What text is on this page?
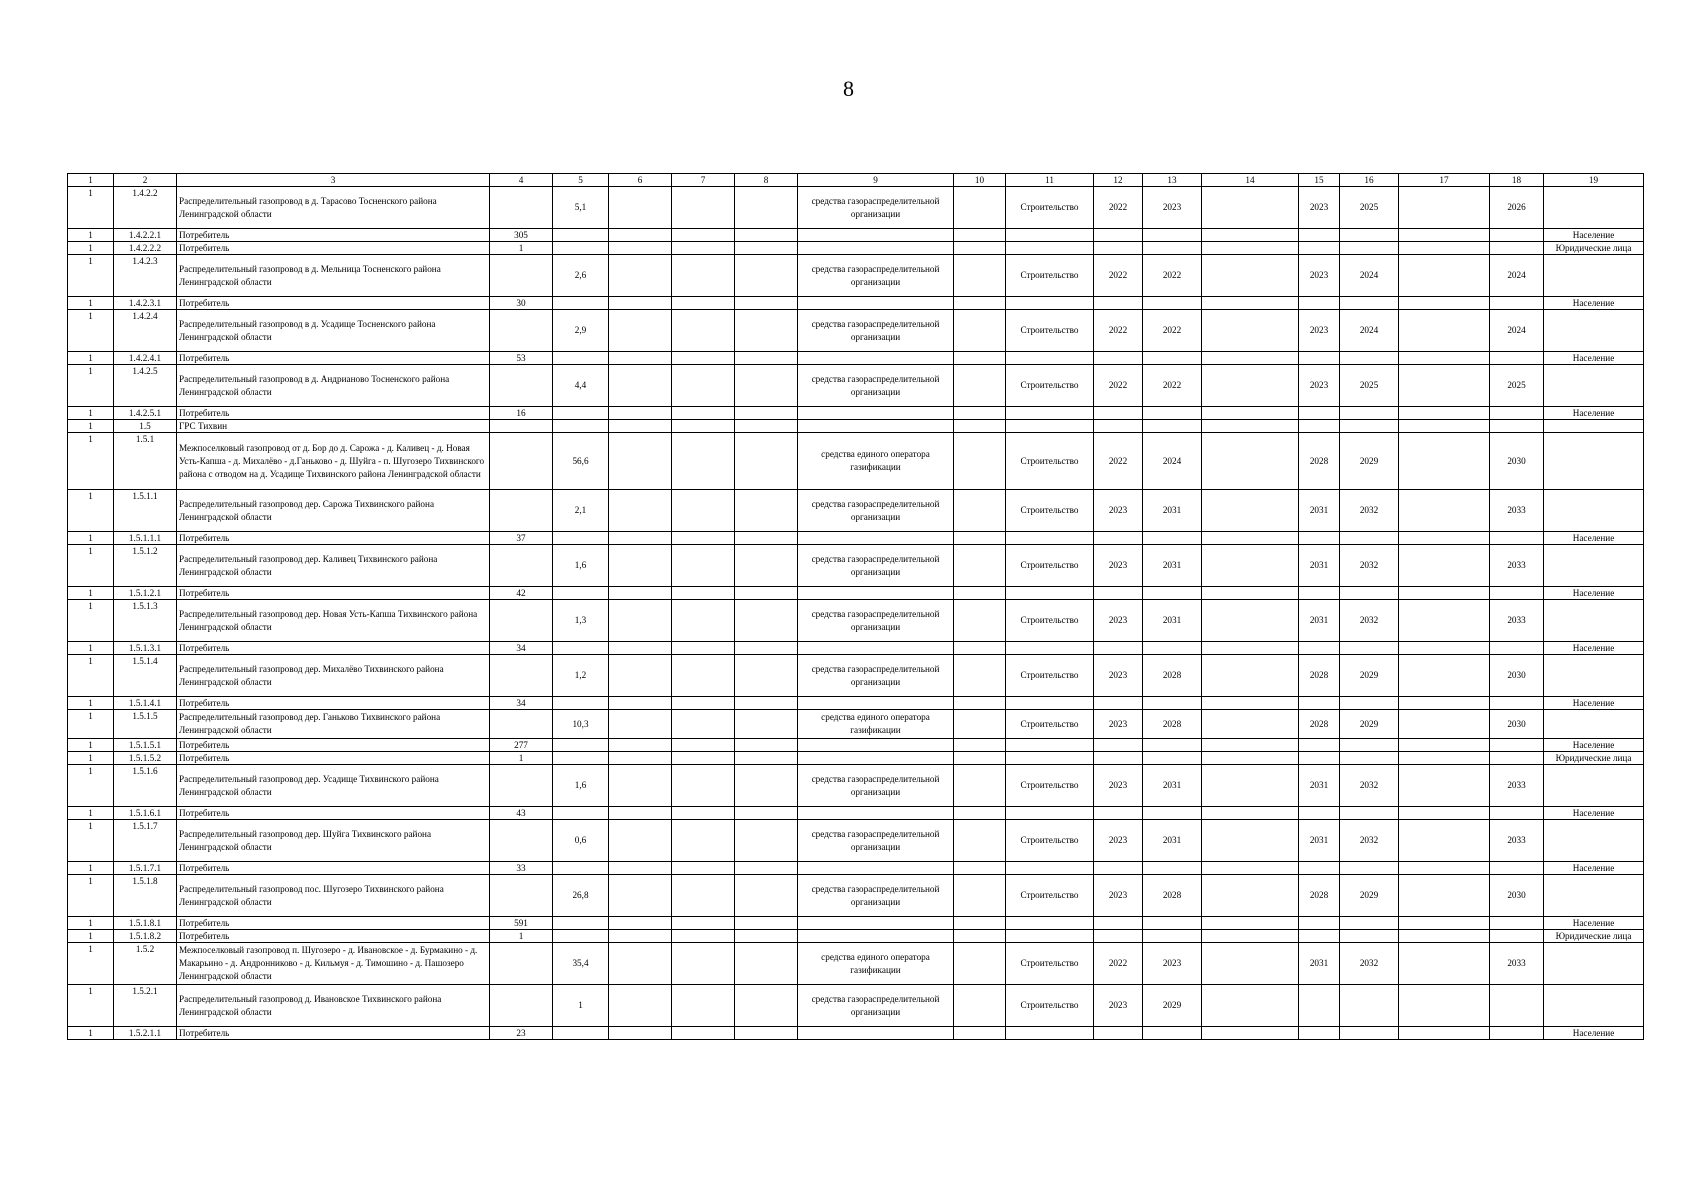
8
1	2	3	4	5	6	7	8	9	10	11	12	13	14	15	16	17	18	19
1	1.4.2.2	Распределительный газопровод в д. Тарасово Тосненского района Ленинградской области		5,1				средства газораспределительной организации		Строительство	2022	2023		2023	2025		2026	
1	1.4.2.2.1	Потребитель	305															Население
1	1.4.2.2.2	Потребитель	1															Юридические лица
1	1.4.2.3	Распределительный газопровод в д. Мельница Тосненского района Ленинградской области		2,6				средства газораспределительной организации		Строительство	2022	2022		2023	2024		2024	
1	1.4.2.3.1	Потребитель	30															Население
1	1.4.2.4	Распределительный газопровод в д. Усадище Тосненского района Ленинградской области		2,9				средства газораспределительной организации		Строительство	2022	2022		2023	2024		2024	
1	1.4.2.4.1	Потребитель	53															Население
1	1.4.2.5	Распределительный газопровод в д. Андрианово Тосненского района Ленинградской области		4,4				средства газораспределительной организации		Строительство	2022	2022		2023	2025		2025	
1	1.4.2.5.1	Потребитель	16															Население
1	1.5	ГРС Тихвин																
1	1.5.1	Межпоселковый газопровод от д. Бор до д. Сарожа - д. Каливец - д. Новая Усть-Капша - д. Михалёво - д.Ганьково - д. Шуйга - п. Шугозеро Тихвинского района с отводом на д. Усадище Тихвинского района Ленинградской области		56,6				средства единого оператора газификации		Строительство	2022	2024		2028	2029		2030	
1	1.5.1.1	Распределительный газопровод дер. Сарожа Тихвинского района Ленинградской области		2,1				средства газораспределительной организации		Строительство	2023	2031		2031	2032		2033	
1	1.5.1.1.1	Потребитель	37															Население
1	1.5.1.2	Распределительный газопровод дер. Каливец Тихвинского района Ленинградской области		1,6				средства газораспределительной организации		Строительство	2023	2031		2031	2032		2033	
1	1.5.1.2.1	Потребитель	42															Население
1	1.5.1.3	Распределительный газопровод дер. Новая Усть-Капша Тихвинского района Ленинградской области		1,3				средства газораспределительной организации		Строительство	2023	2031		2031	2032		2033	
1	1.5.1.3.1	Потребитель	34															Население
1	1.5.1.4	Распределительный газопровод дер. Михалёво Тихвинского района Ленинградской области		1,2				средства газораспределительной организации		Строительство	2023	2028		2028	2029		2030	
1	1.5.1.4.1	Потребитель	34															Население
1	1.5.1.5	Распределительный газопровод дер. Ганьково Тихвинского района Ленинградской области		10,3				средства единого оператора газификации		Строительство	2023	2028		2028	2029		2030	
1	1.5.1.5.1	Потребитель	277															Население
1	1.5.1.5.2	Потребитель	1															Юридические лица
1	1.5.1.6	Распределительный газопровод дер. Усадище Тихвинского района Ленинградской области		1,6				средства газораспределительной организации		Строительство	2023	2031		2031	2032		2033	
1	1.5.1.6.1	Потребитель	43															Население
1	1.5.1.7	Распределительный газопровод дер. Шуйга Тихвинского района Ленинградской области		0,6				средства газораспределительной организации		Строительство	2023	2031		2031	2032		2033	
1	1.5.1.7.1	Потребитель	33															Население
1	1.5.1.8	Распределительный газопровод пос. Шугозеро Тихвинского района Ленинградской области		26,8				средства газораспределительной организации		Строительство	2023	2028		2028	2029		2030	
1	1.5.1.8.1	Потребитель	591															Население
1	1.5.1.8.2	Потребитель	1															Юридические лица
1	1.5.2	Межпоселковый газопровод п. Шугозеро - д. Ивановское - д. Бурмакино - д. Макарьино - д. Андронниково - д. Кильмуя - д. Тимошино - д. Пашозеро Ленинградской области		35,4				средства единого оператора газификации		Строительство	2022	2023		2031	2032		2033	
1	1.5.2.1	Распределительный газопровод д. Ивановское Тихвинского района Ленинградской области		1				средства газораспределительной организации		Строительство	2023	2029						
1	1.5.2.1.1	Потребитель	23															Население
